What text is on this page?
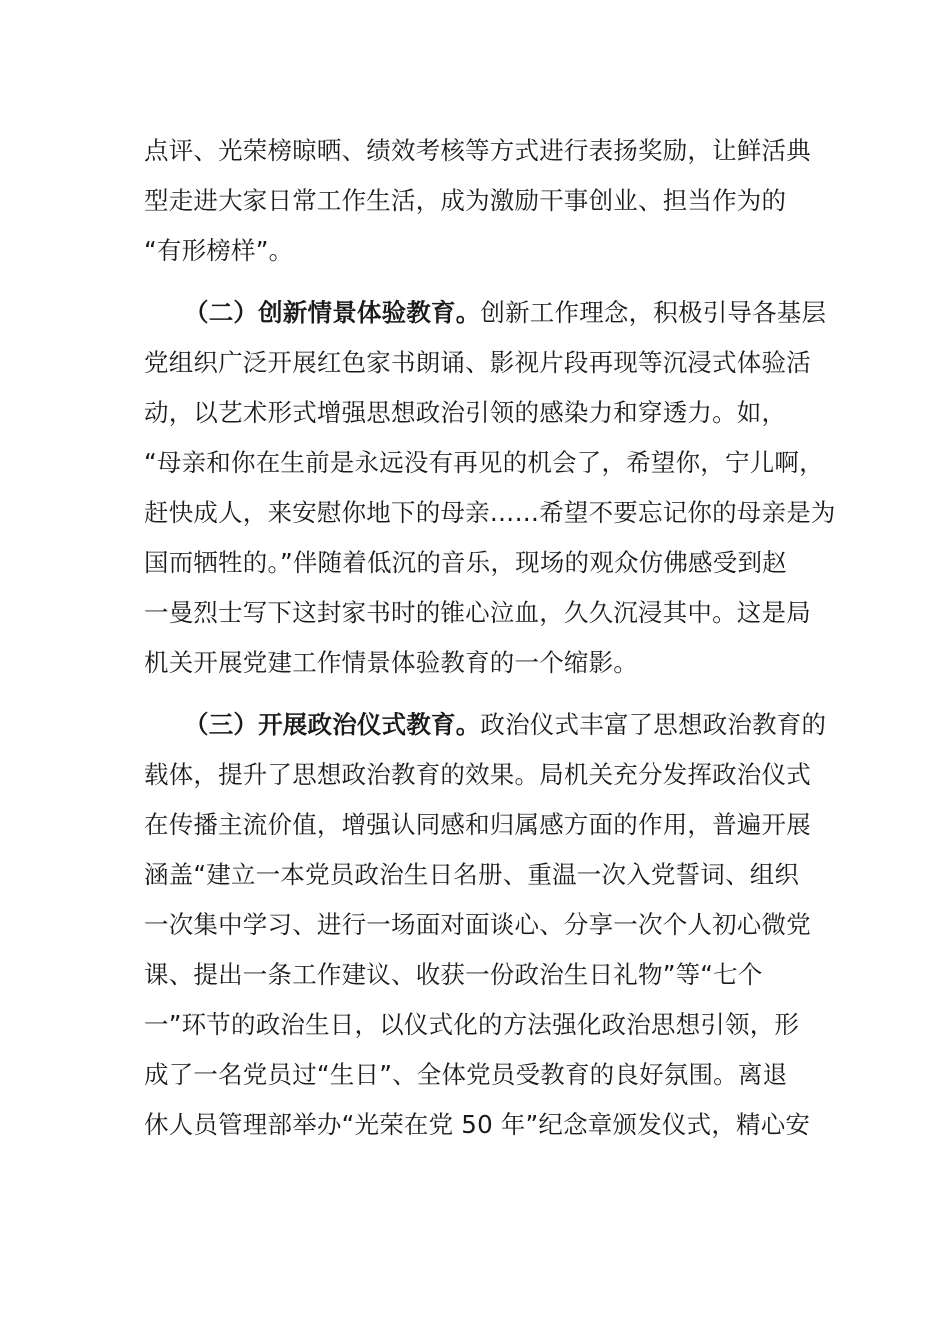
点评、光荣榜晾晒、绩效考核等方式进行表扬奖励，让鲜活典
型走进大家日常工作生活，成为激励干事创业、担当作为的
“有形榜样”。
（二）创新情景体验教育。创新工作理念，积极引导各基层
党组织广泛开展红色家书朗诵、影视片段再现等沉浸式体验活
动，以艺术形式增强思想政治引领的感染力和穿透力。如，
“母亲和你在生前是永远没有再见的机会了，希望你，宁儿啊，
赶快成人，来安慰你地下的母亲……希望不要忘记你的母亲是为
国而牺牲的。”伴随着低沉的音乐，现场的观众仿佛感受到赵
一曼烈士写下这封家书时的锥心泣血，久久沉浸其中。这是局
机关开展党建工作情景体验教育的一个缩影。
（三）开展政治仪式教育。政治仪式丰富了思想政治教育的
载体，提升了思想政治教育的效果。局机关充分发挥政治仪式
在传播主流价值，增强认同感和归属感方面的作用，普遍开展
涵盖“建立一本党员政治生日名册、重温一次入党誓词、组织
一次集中学习、进行一场面对面谈心、分享一次个人初心微党
课、提出一条工作建议、收获一份政治生日礼物”等“七个
一”环节的政治生日，以仪式化的方法强化政治思想引领，形
成了一名党员过“生日”、全体党员受教育的良好氛围。离退
休人员管理部举办“光荣在党 50 年”纪念章颁发仪式，精心安
